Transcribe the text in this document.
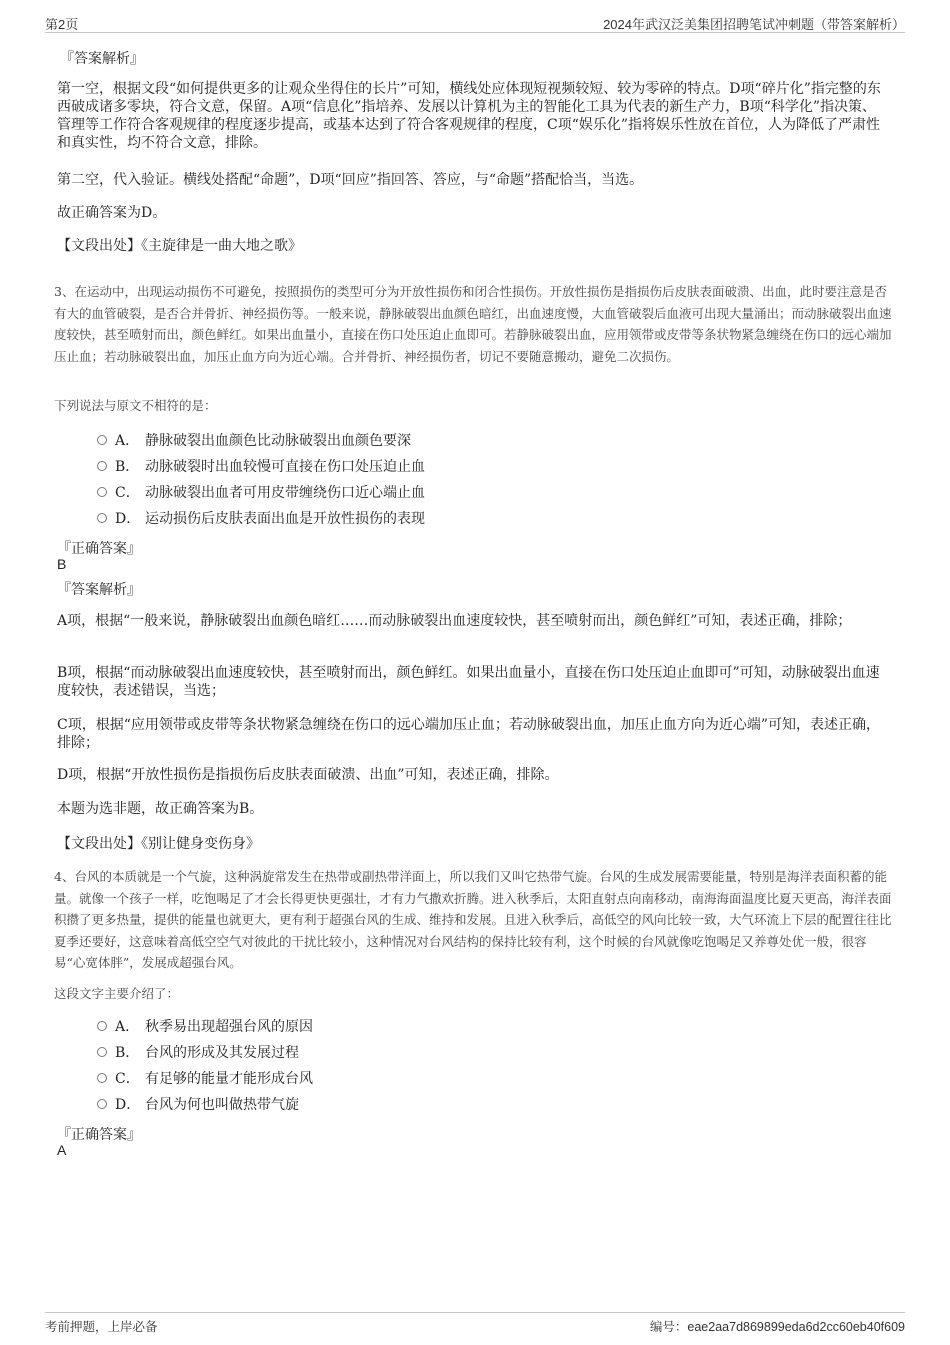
第2页	2024年武汉泛美集团招聘笔试冲刺题（带答案解析）
『答案解析』
第一空，根据文段“如何提供更多的让观众坐得住的长片”可知，横线处应体现短视频较短、较为零碎的特点。D项“碎片化”指完整的东西破成诸多零块，符合文意，保留。A项“信息化”指培养、发展以计算机为主的智能化工具为代表的新生产力，B项“科学化”指决策、管理等工作符合客观规律的程度逐步提高，或基本达到了符合客观规律的程度，C项“娱乐化”指将娱乐性放在首位，人为降低了严肃性和真实性，均不符合文意，排除。
第二空，代入验证。横线处搭配“命题”，D项“回应”指回答、答应，与“命题”搭配恰当，当选。
故正确答案为D。
【文段出处】《主旋律是一曲大地之歌》
3、在运动中，出现运动损伤不可避免，按照损伤的类型可分为开放性损伤和闭合性损伤。开放性损伤是指损伤后皮肤表面破溃、出血，此时要注意是否有大的血管破裂，是否合并骨折、神经损伤等。一般来说，静脉破裂出血颜色暗红，出血速度慢，大血管破裂后血液可出现大量涌出；而动脉破裂出血速度较快，甚至喷射而出，颜色鲜红。如果出血量小，直接在伤口处压迫止血即可。若静脉破裂出血，应用领带或皮带等条状物紧急缠绕在伤口的远心端加压止血；若动脉破裂出血，加压止血方向为近心端。合并骨折、神经损伤者，切记不要随意搬动，避免二次损伤。
下列说法与原文不相符的是：
A． 静脉破裂出血颜色比动脉破裂出血颜色要深
B． 动脉破裂时出血较慢可直接在伤口处压迫止血
C． 动脉破裂出血者可用皮带缠绕伤口近心端止血
D． 运动损伤后皮肤表面出血是开放性损伤的表现
『正确答案』
B
『答案解析』
A项，根据“一般来说，静脉破裂出血颜色暗红……而动脉破裂出血速度较快，甚至喷射而出，颜色鲜红”可知，表述正确，排除；
B项，根据“而动脉破裂出血速度较快，甚至喷射而出，颜色鲜红。如果出血量小，直接在伤口处压迫止血即可”可知，动脉破裂出血速度较快，表述错误，当选；
C项，根据“应用领带或皮带等条状物紧急缠绕在伤口的远心端加压止血；若动脉破裂出血，加压止血方向为近心端”可知，表述正确，排除；
D项，根据“开放性损伤是指损伤后皮肤表面破溃、出血”可知，表述正确，排除。
本题为选非题，故正确答案为B。
【文段出处】《别让健身变伤身》
4、台风的本质就是一个气旋，这种涡旋常发生在热带或副热带洋面上，所以我们又叫它热带气旋。台风的生成发展需要能量，特别是海洋表面积蓄的能量。就像一个孩子一样，吃饱喝足了才会长得更快更强壮，才有力气撒欢折腾。进入秋季后，太阳直射点向南移动，南海海面温度比夏天更高，海洋表面积攒了更多热量，提供的能量也就更大，更有利于超强台风的生成、维持和发展。且进入秋季后，高低空的风向比较一致，大气环流上下层的配置往往比夏季还要好，这意味着高低空空气对彼此的干扰比较小，这种情况对台风结构的保持比较有利，这个时候的台风就像吃饱喝足又养尊处优一般，很容易“心宽体胖”，发展成超强台风。
这段文字主要介绍了：
A． 秋季易出现超强台风的原因
B． 台风的形成及其发展过程
C． 有足够的能量才能形成台风
D． 台风为何也叫做热带气旋
『正确答案』
A
考前押题，上岸必备	编号：eae2aa7d869899eda6d2cc60eb40f609
